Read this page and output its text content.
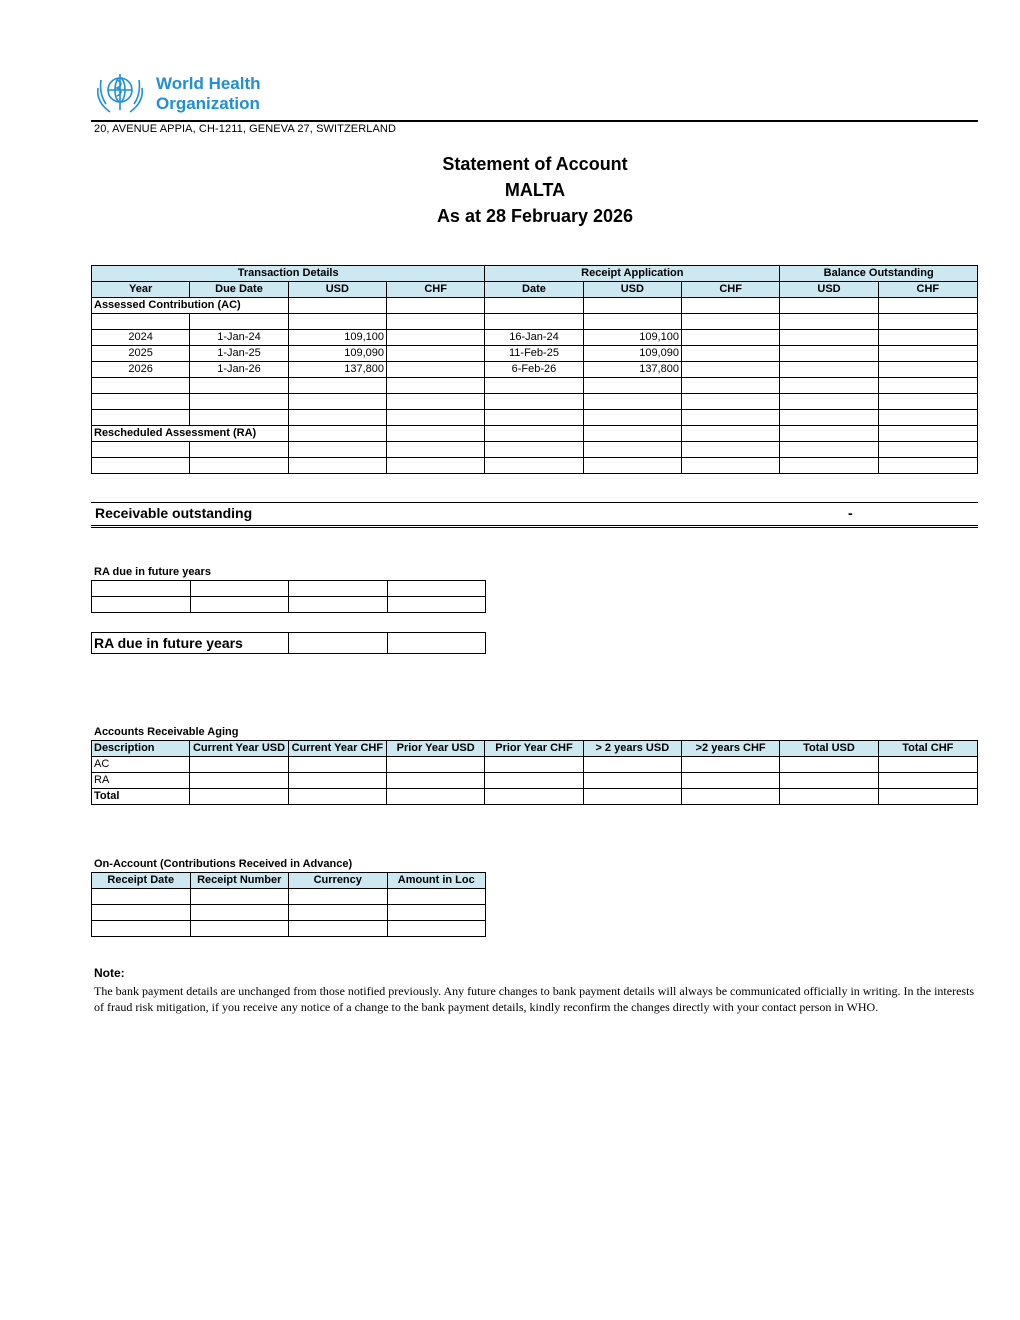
World Health
Organization
20, AVENUE APPIA, CH-1211, GENEVA 27, SWITZERLAND
Statement of Account
MALTA
As at 28 February 2026
Transaction Details				Receipt Application			Balance Outstanding	
Year	Due Date	USD	CHF	Date	USD	CHF	USD	CHF
Assessed Contribution (AC)								

2024	1-Jan-24	109,100		16-Jan-24	109,100			
2025	1-Jan-25	109,090		11-Feb-25	109,090			
2026	1-Jan-26	137,800		6-Feb-26	137,800			

Rescheduled Assessment (RA)								

Receivable outstanding	-
RA due in future years

RA due in future years		
Accounts Receivable Aging
Description	Current Year USD	Current Year CHF	Prior Year USD	Prior Year CHF	> 2 years USD	>2 years CHF	Total USD	Total CHF
AC								
RA								
Total								
On-Account (Contributions Received in Advance)
Receipt Date	Receipt Number	Currency	Amount in Loc

Note:
The bank payment details are unchanged from those notified previously. Any future changes to bank payment details will always be communicated officially in writing. In the interests of fraud risk mitigation, if you receive any notice of a change to the bank payment details, kindly reconfirm the changes directly with your contact person in WHO.
